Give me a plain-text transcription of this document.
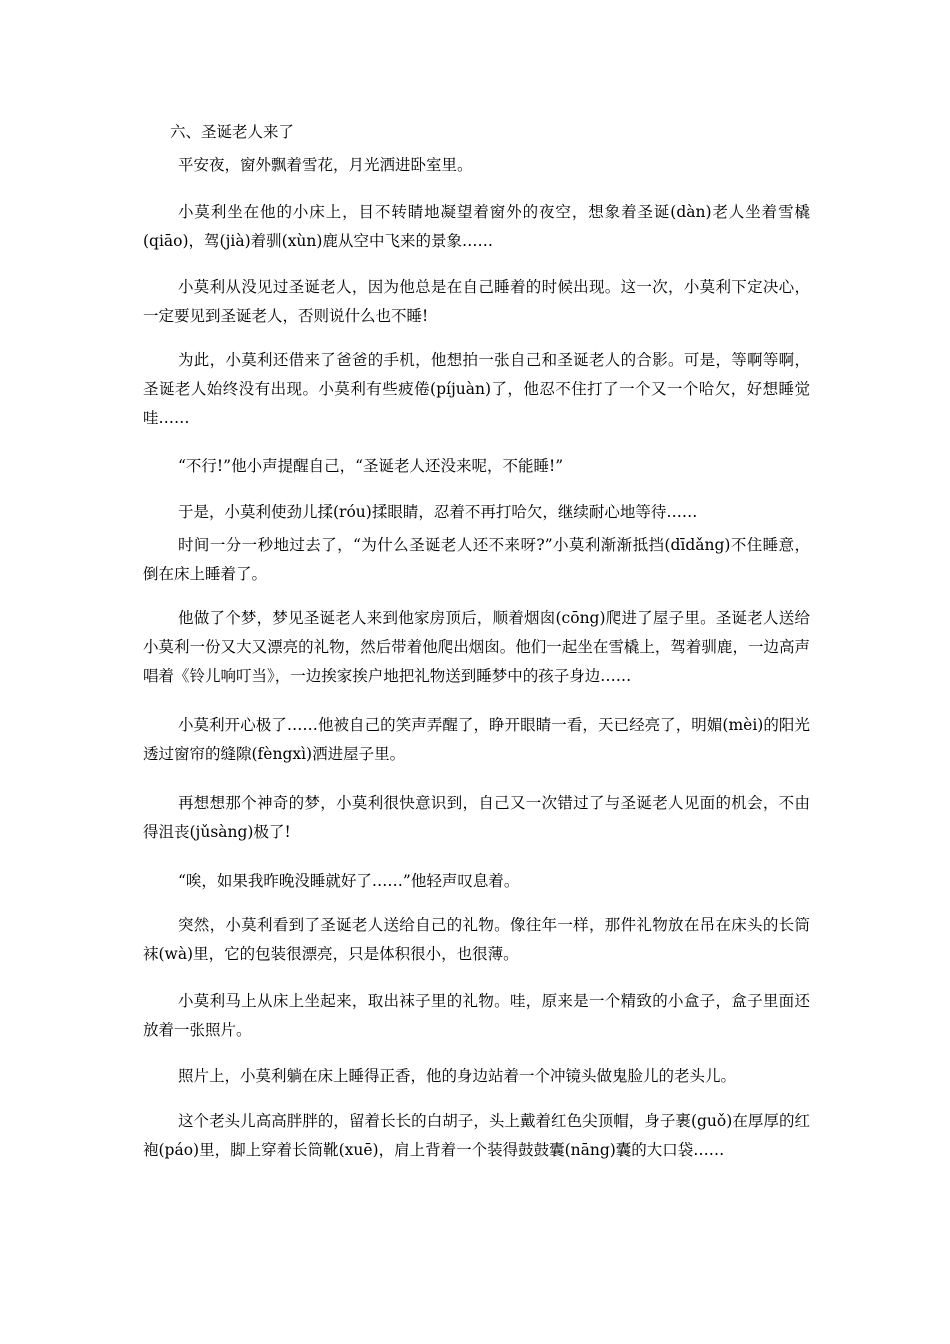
六、圣诞老人来了

平安夜，窗外飘着雪花，月光洒进卧室里。

小莫利坐在他的小床上，目不转睛地凝望着窗外的夜空，想象着圣诞(dàn)老人坐着雪橇(qiāo)，驾(jià)着驯(xùn)鹿从空中飞来的景象……

小莫利从没见过圣诞老人，因为他总是在自己睡着的时候出现。这一次，小莫利下定决心，一定要见到圣诞老人，否则说什么也不睡!

为此，小莫利还借来了爸爸的手机，他想拍一张自己和圣诞老人的合影。可是，等啊等啊，圣诞老人始终没有出现。小莫利有些疲倦(píjuàn)了，他忍不住打了一个又一个哈欠，好想睡觉哇……

“不行!”他小声提醒自己，“圣诞老人还没来呢，不能睡!”

于是，小莫利使劲儿揉(róu)揉眼睛，忍着不再打哈欠，继续耐心地等待……

时间一分一秒地过去了，“为什么圣诞老人还不来呀?”小莫利渐渐抵挡(dīdǎng)不住睡意，倒在床上睡着了。

他做了个梦，梦见圣诞老人来到他家房顶后，顺着烟囱(cōng)爬进了屋子里。圣诞老人送给小莫利一份又大又漂亮的礼物，然后带着他爬出烟囱。他们一起坐在雪橇上，驾着驯鹿，一边高声唱着《铃儿响叮当》，一边挨家挨户地把礼物送到睡梦中的孩子身边……

小莫利开心极了……他被自己的笑声弄醒了，睁开眼睛一看，天已经亮了，明媚(mèi)的阳光透过窗帘的缝隙(fèngxì)洒进屋子里。

再想想那个神奇的梦，小莫利很快意识到，自己又一次错过了与圣诞老人见面的机会，不由得沮丧(jǔsàng)极了!

“唉，如果我昨晚没睡就好了……”他轻声叹息着。

突然，小莫利看到了圣诞老人送给自己的礼物。像往年一样，那件礼物放在吊在床头的长筒袜(wà)里，它的包装很漂亮，只是体积很小，也很薄。

小莫利马上从床上坐起来，取出袜子里的礼物。哇，原来是一个精致的小盒子，盒子里面还放着一张照片。

照片上，小莫利躺在床上睡得正香，他的身边站着一个冲镜头做鬼脸儿的老头儿。

这个老头儿高高胖胖的，留着长长的白胡子，头上戴着红色尖顶帽，身子裹(guǒ)在厚厚的红袍(páo)里，脚上穿着长筒靴(xuē)，肩上背着一个装得鼓鼓囊(nāng)囊的大口袋……
